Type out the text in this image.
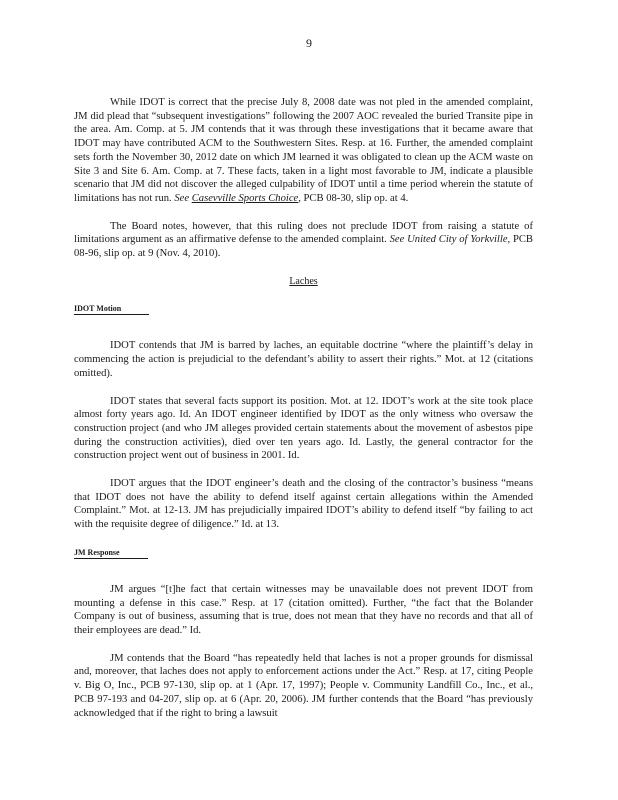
9

While IDOT is correct that the precise July 8, 2008 date was not pled in the amended complaint, JM did plead that “subsequent investigations” following the 2007 AOC revealed the buried Transite pipe in the area. Am. Comp. at 5. JM contends that it was through these investigations that it became aware that IDOT may have contributed ACM to the Southwestern Sites. Resp. at 16. Further, the amended complaint sets forth the November 30, 2012 date on which JM learned it was obligated to clean up the ACM waste on Site 3 and Site 6. Am. Comp. at 7. These facts, taken in a light most favorable to JM, indicate a plausible scenario that JM did not discover the alleged culpability of IDOT until a time period wherein the statute of limitations has not run. See Casevville Sports Choice, PCB 08-30, slip op. at 4.

The Board notes, however, that this ruling does not preclude IDOT from raising a statute of limitations argument as an affirmative defense to the amended complaint. See United City of Yorkville, PCB 08-96, slip op. at 9 (Nov. 4, 2010).

Laches
IDOT Motion

IDOT contends that JM is barred by laches, an equitable doctrine “where the plaintiff’s delay in commencing the action is prejudicial to the defendant’s ability to assert their rights.” Mot. at 12 (citations omitted).

IDOT states that several facts support its position. Mot. at 12. IDOT’s work at the site took place almost forty years ago. Id. An IDOT engineer identified by IDOT as the only witness who oversaw the construction project (and who JM alleges provided certain statements about the movement of asbestos pipe during the construction activities), died over ten years ago. Id. Lastly, the general contractor for the construction project went out of business in 2001. Id.

IDOT argues that the IDOT engineer’s death and the closing of the contractor’s business “means that IDOT does not have the ability to defend itself against certain allegations within the Amended Complaint.” Mot. at 12-13. JM has prejudicially impaired IDOT’s ability to defend itself “by failing to act with the requisite degree of diligence.” Id. at 13.

JM Response

JM argues “[t]he fact that certain witnesses may be unavailable does not prevent IDOT from mounting a defense in this case.” Resp. at 17 (citation omitted). Further, “the fact that the Bolander Company is out of business, assuming that is true, does not mean that they have no records and that all of their employees are dead.” Id.

JM contends that the Board “has repeatedly held that laches is not a proper grounds for dismissal and, moreover, that laches does not apply to enforcement actions under the Act.” Resp. at 17, citing People v. Big O, Inc., PCB 97-130, slip op. at 1 (Apr. 17, 1997); People v. Community Landfill Co., Inc., et al., PCB 97-193 and 04-207, slip op. at 6 (Apr. 20, 2006). JM further contends that the Board “has previously acknowledged that if the right to bring a lawsuit
